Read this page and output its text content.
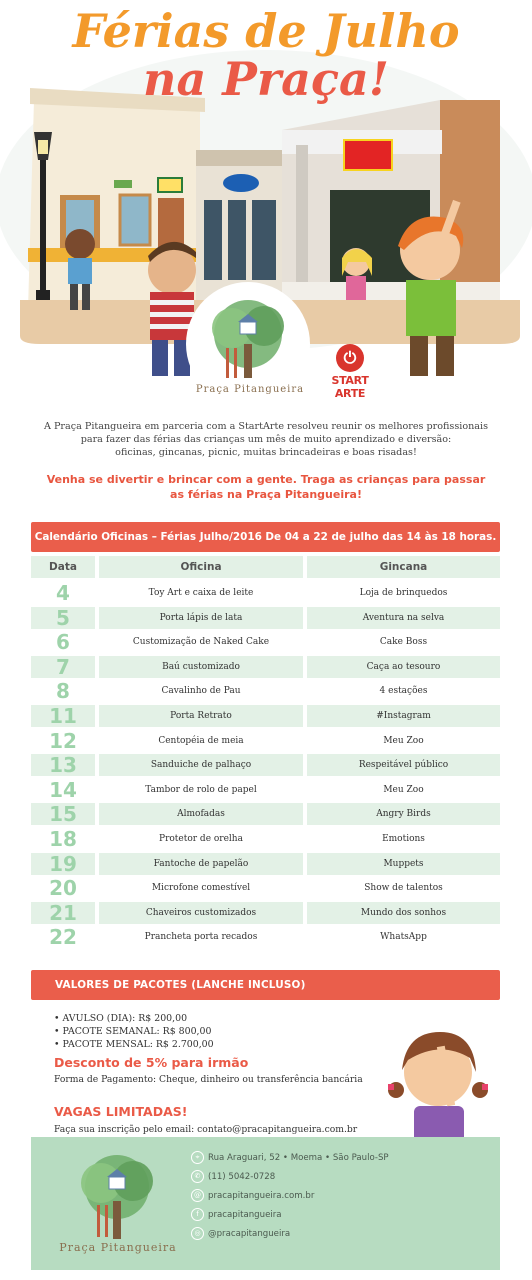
Férias de Julho
na Praça!
Praça Pitangueira
⏻
START ARTE
A Praça Pitangueira em parceria com a StartArte resolveu reunir os melhores profissionais
para fazer das férias das crianças um mês de muito aprendizado e diversão:
oficinas, gincanas, picnic, muitas brincadeiras e boas risadas!
Venha se divertir e brincar com a gente. Traga as crianças para passar
as férias na Praça Pitangueira!
Calendário Oficinas – Férias Julho/2016 De 04 a 22 de julho das 14 às 18 horas.
Data	Oficina	Gincana
4	Toy Art e caixa de leite	Loja de brinquedos
5	Porta lápis de lata	Aventura na selva
6	Customização de Naked Cake	Cake Boss
7	Baú customizado	Caça ao tesouro
8	Cavalinho de Pau	4 estações
11	Porta Retrato	#Instagram
12	Centopéia de meia	Meu Zoo
13	Sanduiche de palhaço	Respeitável público
14	Tambor de rolo de papel	Meu Zoo
15	Almofadas	Angry Birds
18	Protetor de orelha	Emotions
19	Fantoche de papelão	Muppets
20	Microfone comestível	Show de talentos
21	Chaveiros customizados	Mundo dos sonhos
22	Prancheta porta recados	WhatsApp
VALORES DE PACOTES (LANCHE INCLUSO)
• AVULSO (DIA): R$ 200,00
• PACOTE SEMANAL: R$ 800,00
• PACOTE MENSAL: R$ 2.700,00
Desconto de 5% para irmão
Forma de Pagamento: Cheque, dinheiro ou transferência bancária
VAGAS LIMITADAS!
Faça sua inscrição pelo email: contato@pracapitangueira.com.br
Praça Pitangueira
⌖ Rua Araguari, 52 • Moema • São Paulo-SP
✆ (11) 5042-0728
@ pracapitangueira.com.br
f	pracapitangueira
◎ @pracapitangueira
